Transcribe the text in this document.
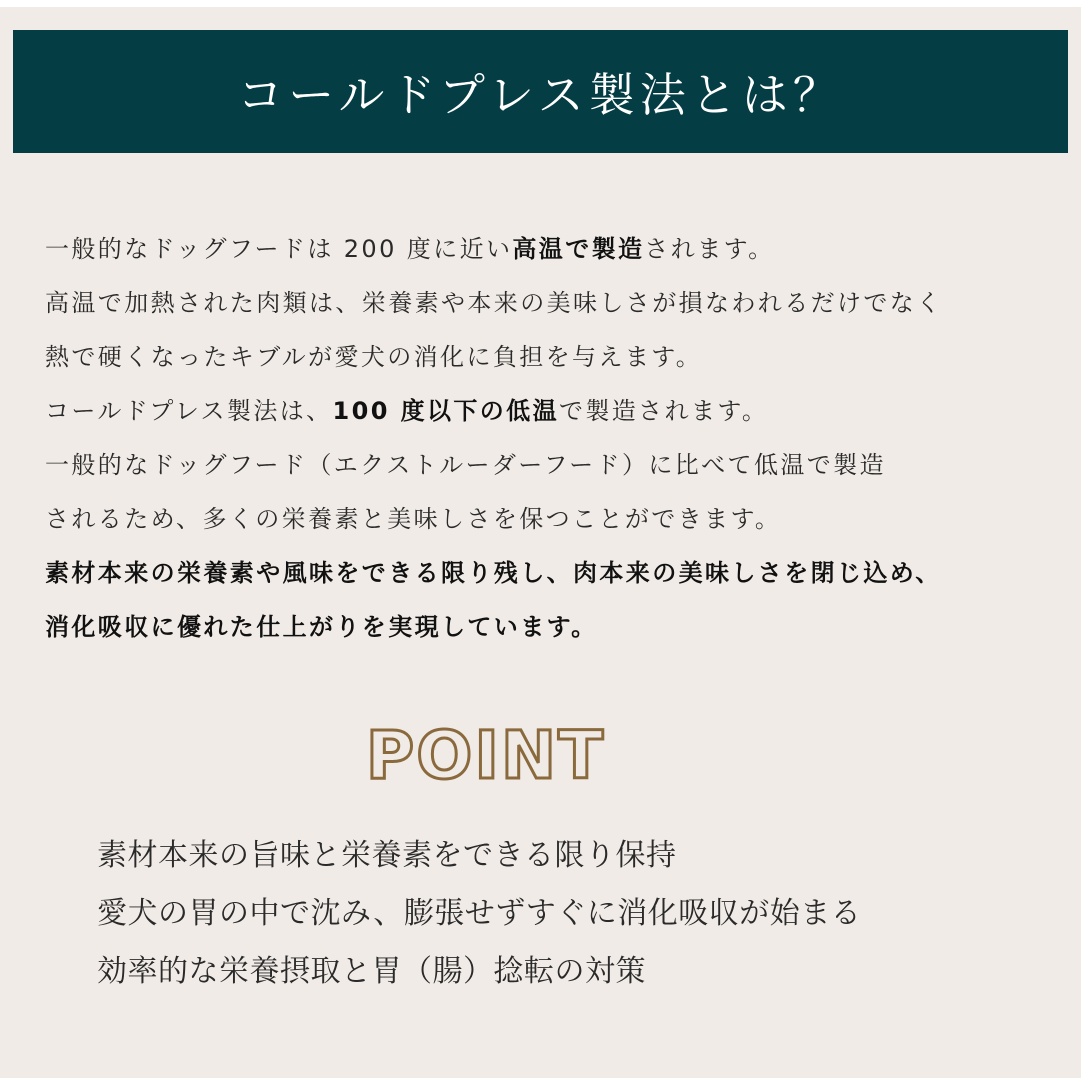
コールドプレス製法とは？
一般的なドッグフードは 200 度に近い高温で製造されます。
高温で加熱された肉類は、栄養素や本来の美味しさが損なわれるだけでなく
熱で硬くなったキブルが愛犬の消化に負担を与えます。
コールドプレス製法は、100 度以下の低温で製造されます。
一般的なドッグフード（エクストルーダーフード）に比べて低温で製造
されるため、多くの栄養素と美味しさを保つことができます。
素材本来の栄養素や風味をできる限り残し、肉本来の美味しさを閉じ込め、
消化吸収に優れた仕上がりを実現しています。
POINT
素材本来の旨味と栄養素をできる限り保持
愛犬の胃の中で沈み、膨張せずすぐに消化吸収が始まる
効率的な栄養摂取と胃（腸）捻転の対策
